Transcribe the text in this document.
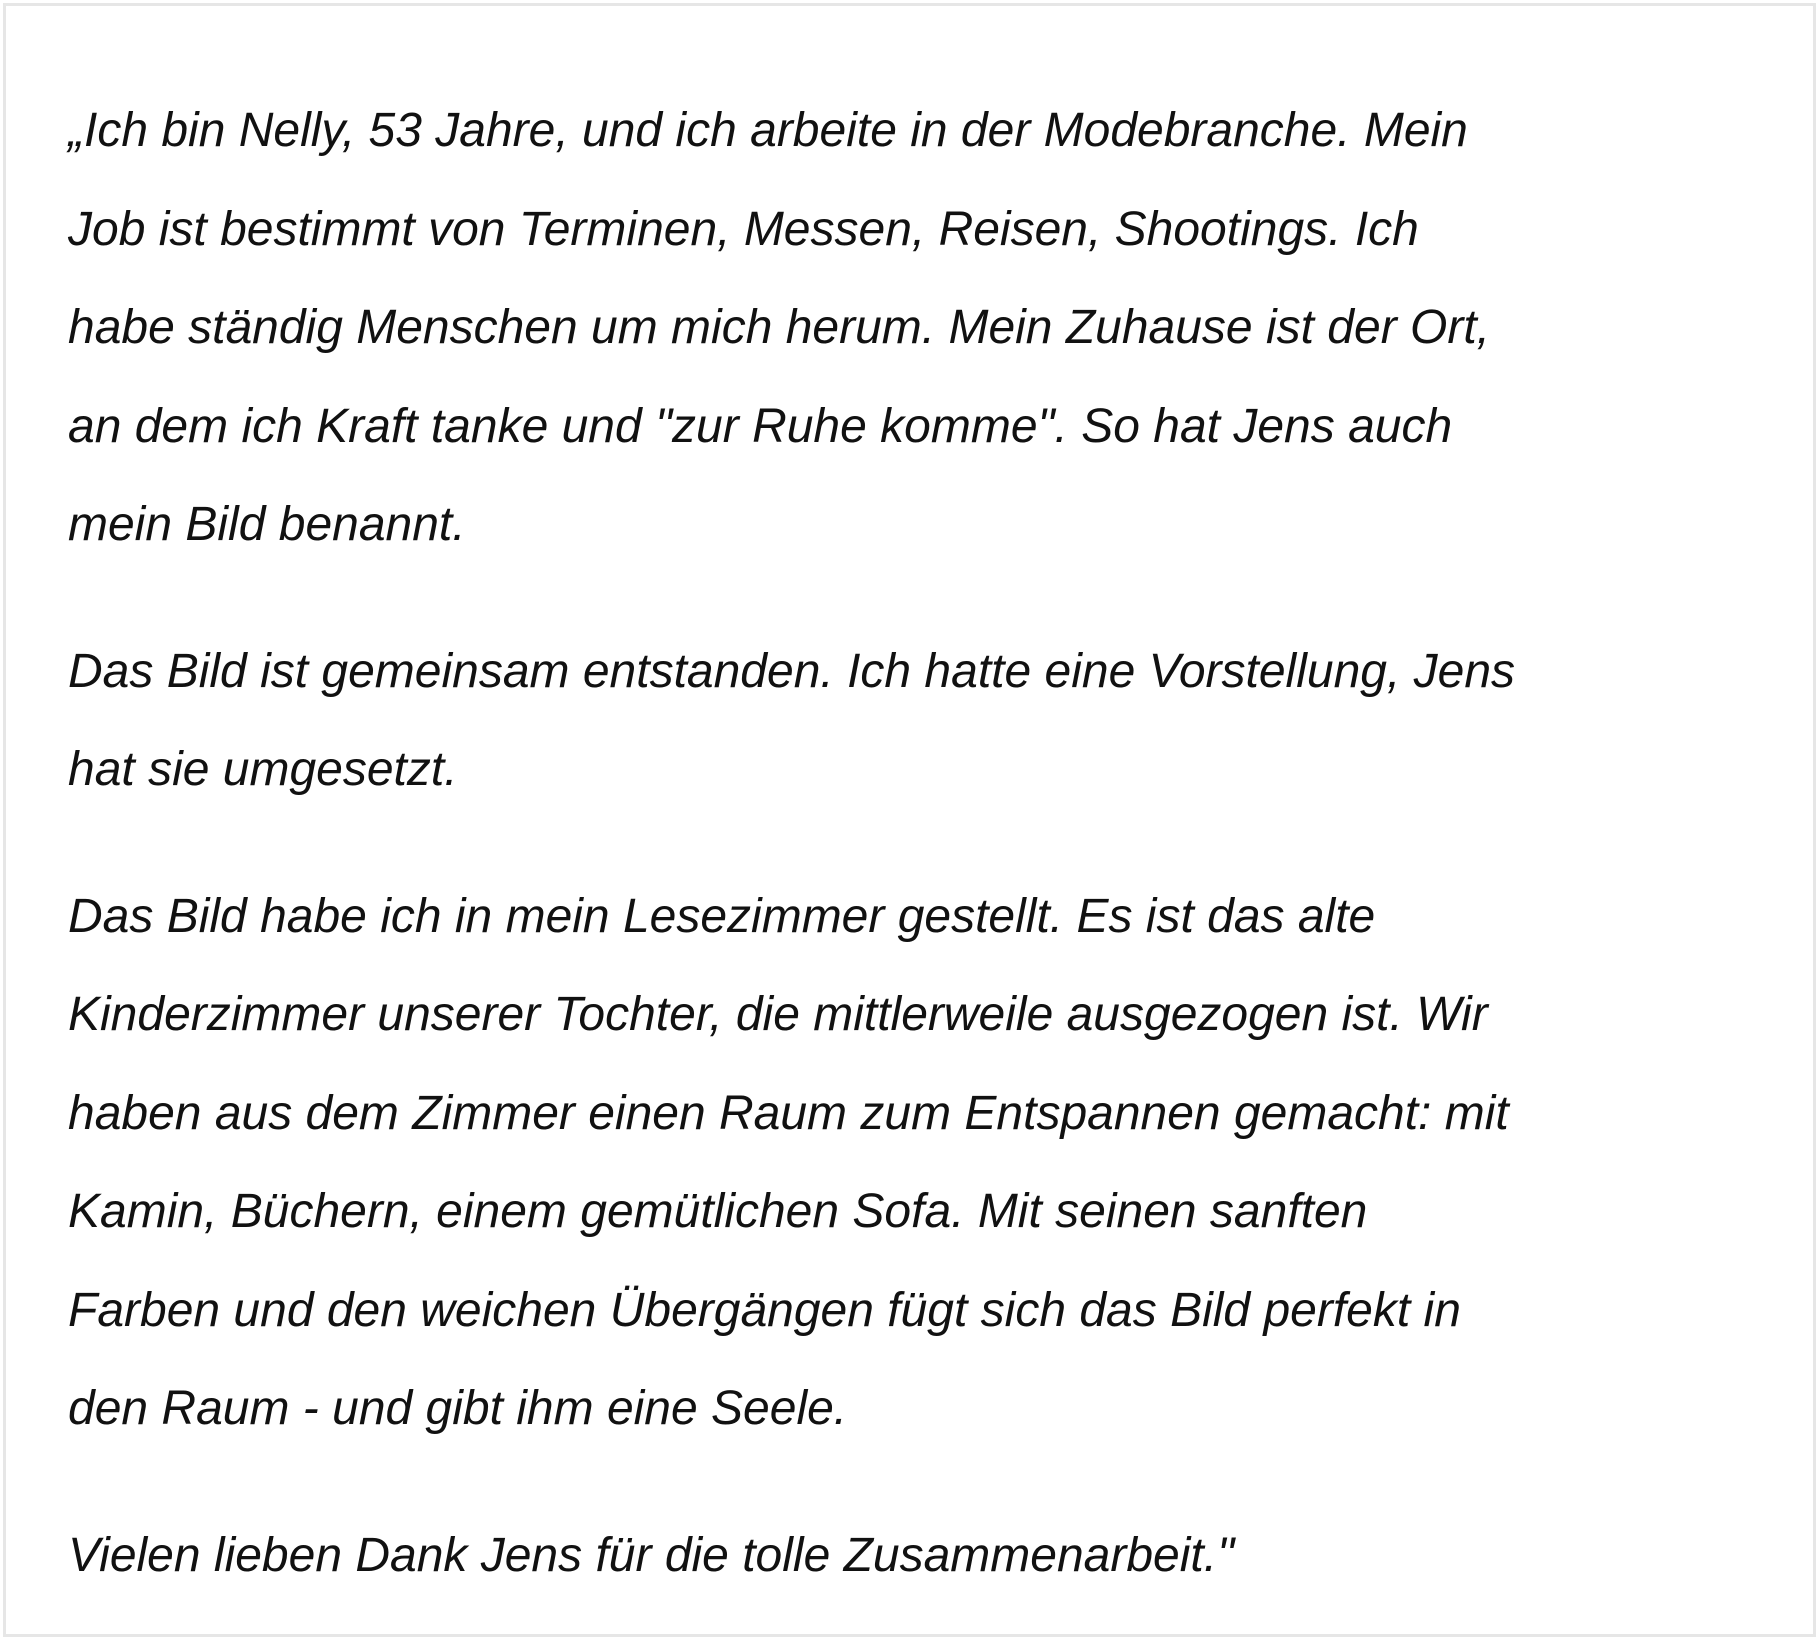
„Ich bin Nelly, 53 Jahre, und ich arbeite in der Modebranche. Mein
Job ist bestimmt von Terminen, Messen, Reisen, Shootings. Ich
habe ständig Menschen um mich herum. Mein Zuhause ist der Ort,
an dem ich Kraft tanke und "zur Ruhe komme". So hat Jens auch
mein Bild benannt.

Das Bild ist gemeinsam entstanden. Ich hatte eine Vorstellung, Jens
hat sie umgesetzt.

Das Bild habe ich in mein Lesezimmer gestellt. Es ist das alte
Kinderzimmer unserer Tochter, die mittlerweile ausgezogen ist. Wir
haben aus dem Zimmer einen Raum zum Entspannen gemacht: mit
Kamin, Büchern, einem gemütlichen Sofa. Mit seinen sanften
Farben und den weichen Übergängen fügt sich das Bild perfekt in
den Raum - und gibt ihm eine Seele.

Vielen lieben Dank Jens für die tolle Zusammenarbeit."
